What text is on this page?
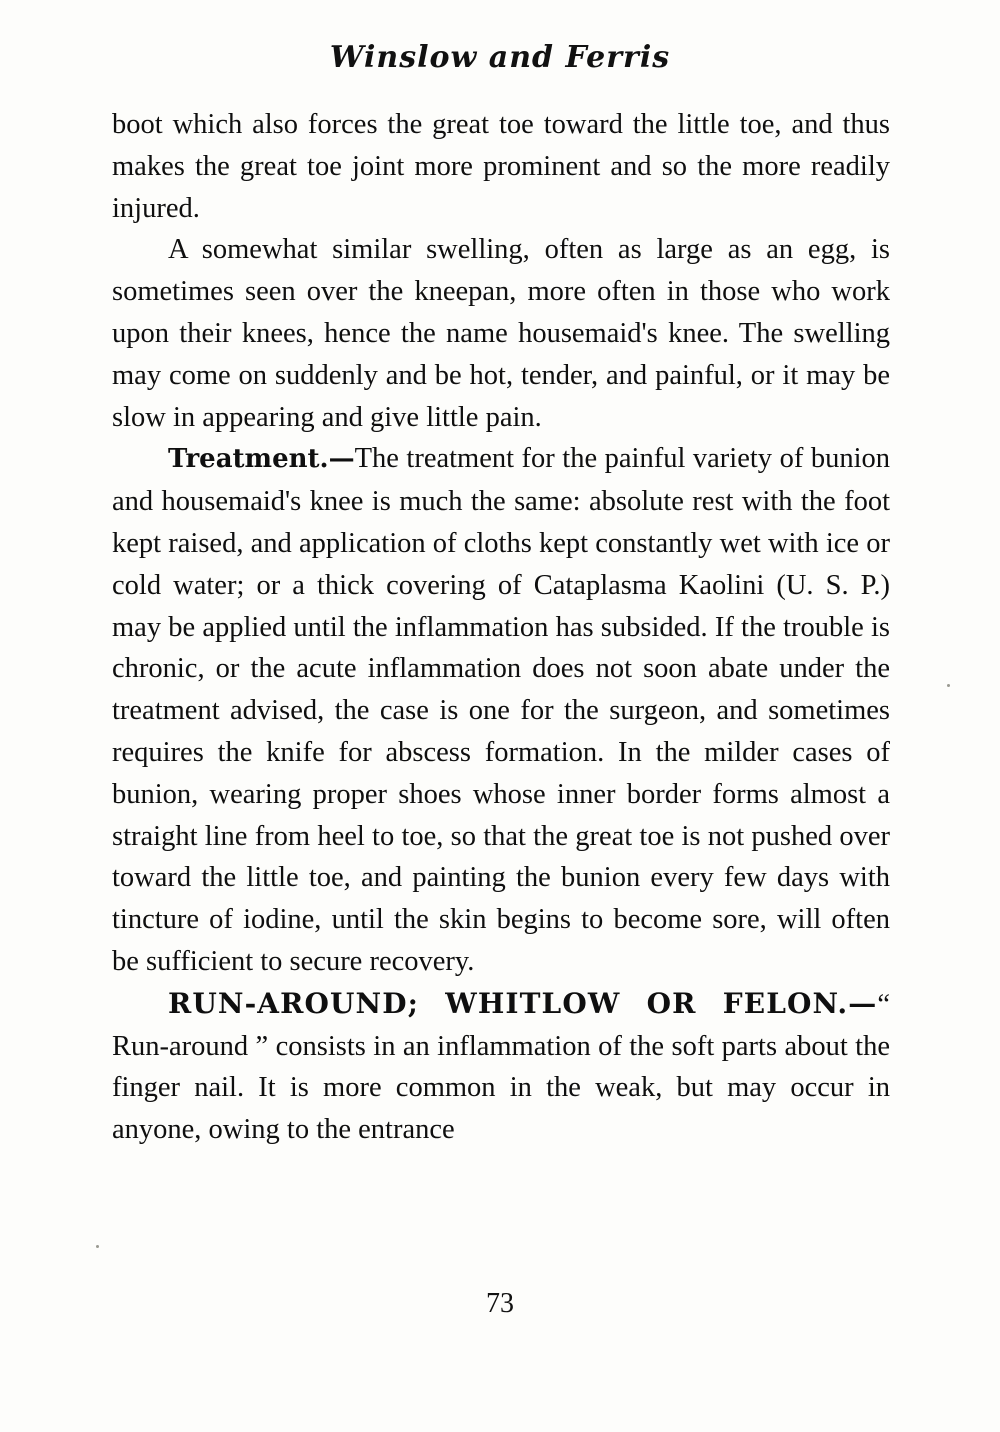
Winslow and Ferris

boot which also forces the great toe toward the little toe, and thus makes the great toe joint more prominent and so the more readily injured.

A somewhat similar swelling, often as large as an egg, is sometimes seen over the kneepan, more often in those who work upon their knees, hence the name housemaid's knee. The swelling may come on suddenly and be hot, tender, and painful, or it may be slow in appearing and give little pain.

Treatment.—The treatment for the painful variety of bunion and housemaid's knee is much the same: absolute rest with the foot kept raised, and application of cloths kept constantly wet with ice or cold water; or a thick covering of Cataplasma Kaolini (U. S. P.) may be applied until the inflammation has subsided. If the trouble is chronic, or the acute inflammation does not soon abate under the treatment advised, the case is one for the surgeon, and sometimes requires the knife for abscess formation. In the milder cases of bunion, wearing proper shoes whose inner border forms almost a straight line from heel to toe, so that the great toe is not pushed over toward the little toe, and painting the bunion every few days with tincture of iodine, until the skin begins to become sore, will often be sufficient to secure recovery.

RUN-AROUND; WHITLOW OR FELON.—“ Run-around ” consists in an inflammation of the soft parts about the finger nail. It is more common in the weak, but may occur in anyone, owing to the entrance

73
